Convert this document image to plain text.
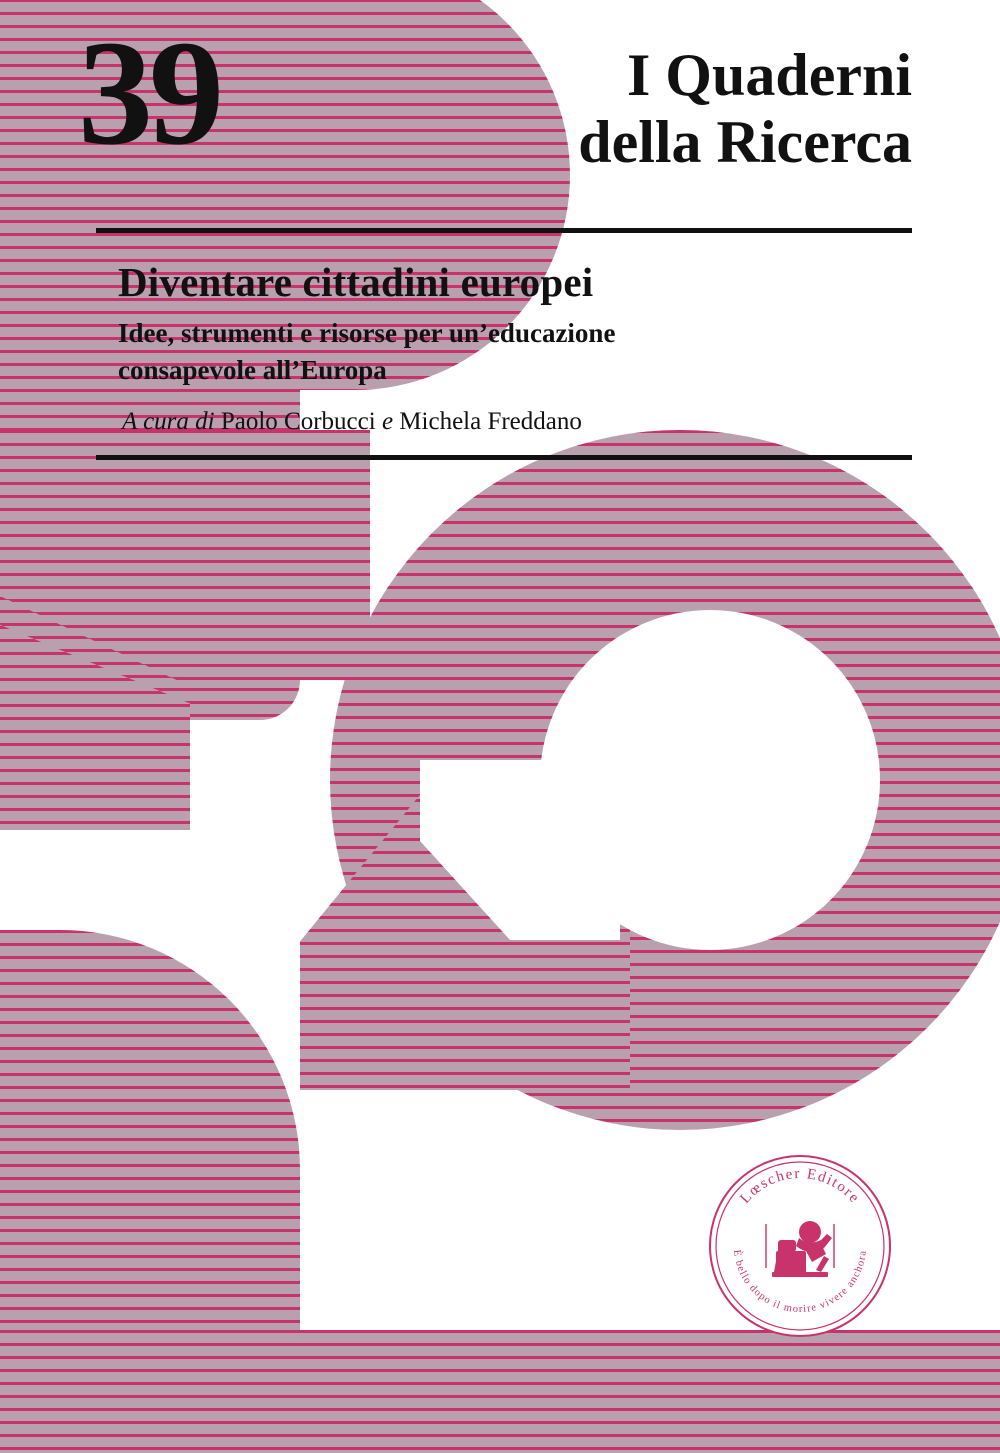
39	I Quaderni
della Ricerca
Diventare cittadini europei
Idee, strumenti e risorse per un’educazione
consapevole all’Europa
A cura di Paolo Corbucci e Michela Freddano
Lœscher Editore
È bello dopo il morire vivere anchora
